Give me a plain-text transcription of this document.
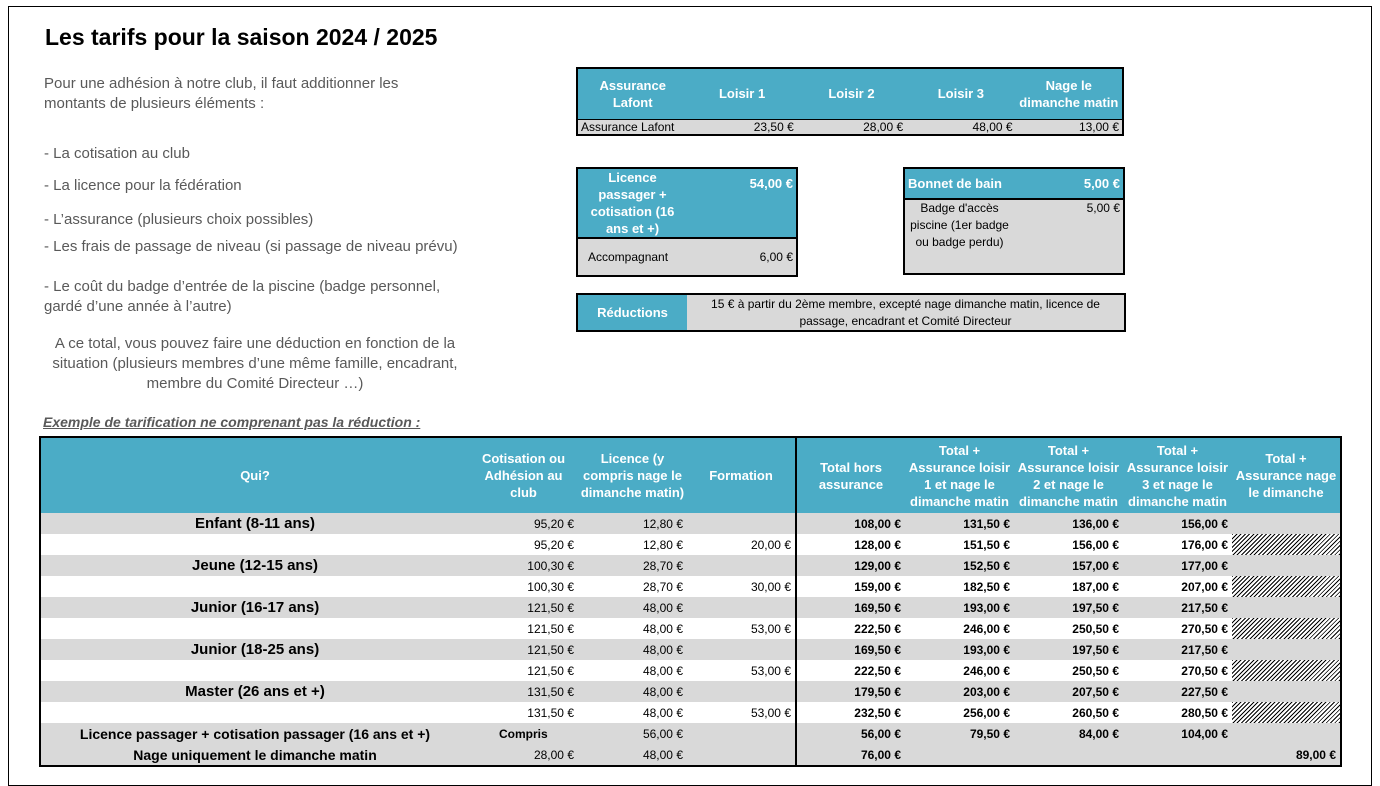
Les tarifs pour la saison 2024 / 2025
Pour une adhésion à notre club, il faut additionner les montants de plusieurs éléments :
- La cotisation au club
- La licence pour la fédération
- L’assurance (plusieurs choix possibles)
- Les frais de passage de niveau (si passage de niveau prévu)
- Le coût du badge d’entrée de la piscine (badge personnel, gardé d’une année à l’autre)
A ce total, vous pouvez faire une déduction en fonction de la situation (plusieurs membres d’une même famille, encadrant, membre du Comité Directeur …)
Assurance Lafont	Loisir 1	Loisir 2	Loisir 3	Nage le dimanche matin
Assurance Lafont	23,50 €	28,00 €	48,00 €	13,00 €
Licence passager + cotisation (16 ans et +)	54,00 €
Accompagnant	6,00 €
Bonnet de bain	5,00 €
Badge d'accès piscine (1er badge ou badge perdu)	5,00 €
Réductions	15 € à partir du 2ème membre, excepté nage dimanche matin, licence de passage, encadrant et Comité Directeur
Exemple de tarification ne comprenant pas la réduction :
Qui?	Cotisation ou Adhésion au club	Licence (y compris nage le dimanche matin)	Formation	Total hors assurance	Total + Assurance loisir 1 et nage le dimanche matin	Total + Assurance loisir 2 et nage le dimanche matin	Total + Assurance loisir 3 et nage le dimanche matin	Total + Assurance nage le dimanche
Enfant (8-11 ans)	95,20 €	12,80 €		108,00 €	131,50 €	136,00 €	156,00 €	
	95,20 €	12,80 €	20,00 €	128,00 €	151,50 €	156,00 €	176,00 €	
Jeune (12-15 ans)	100,30 €	28,70 €		129,00 €	152,50 €	157,00 €	177,00 €	
	100,30 €	28,70 €	30,00 €	159,00 €	182,50 €	187,00 €	207,00 €	
Junior (16-17 ans)	121,50 €	48,00 €		169,50 €	193,00 €	197,50 €	217,50 €	
	121,50 €	48,00 €	53,00 €	222,50 €	246,00 €	250,50 €	270,50 €	
Junior (18-25 ans)	121,50 €	48,00 €		169,50 €	193,00 €	197,50 €	217,50 €	
	121,50 €	48,00 €	53,00 €	222,50 €	246,00 €	250,50 €	270,50 €	
Master (26 ans et +)	131,50 €	48,00 €		179,50 €	203,00 €	207,50 €	227,50 €	
	131,50 €	48,00 €	53,00 €	232,50 €	256,00 €	260,50 €	280,50 €	
Licence passager + cotisation passager (16 ans et +)	Compris	56,00 €		56,00 €	79,50 €	84,00 €	104,00 €	
Nage uniquement le dimanche matin	28,00 €	48,00 €		76,00 €				89,00 €
